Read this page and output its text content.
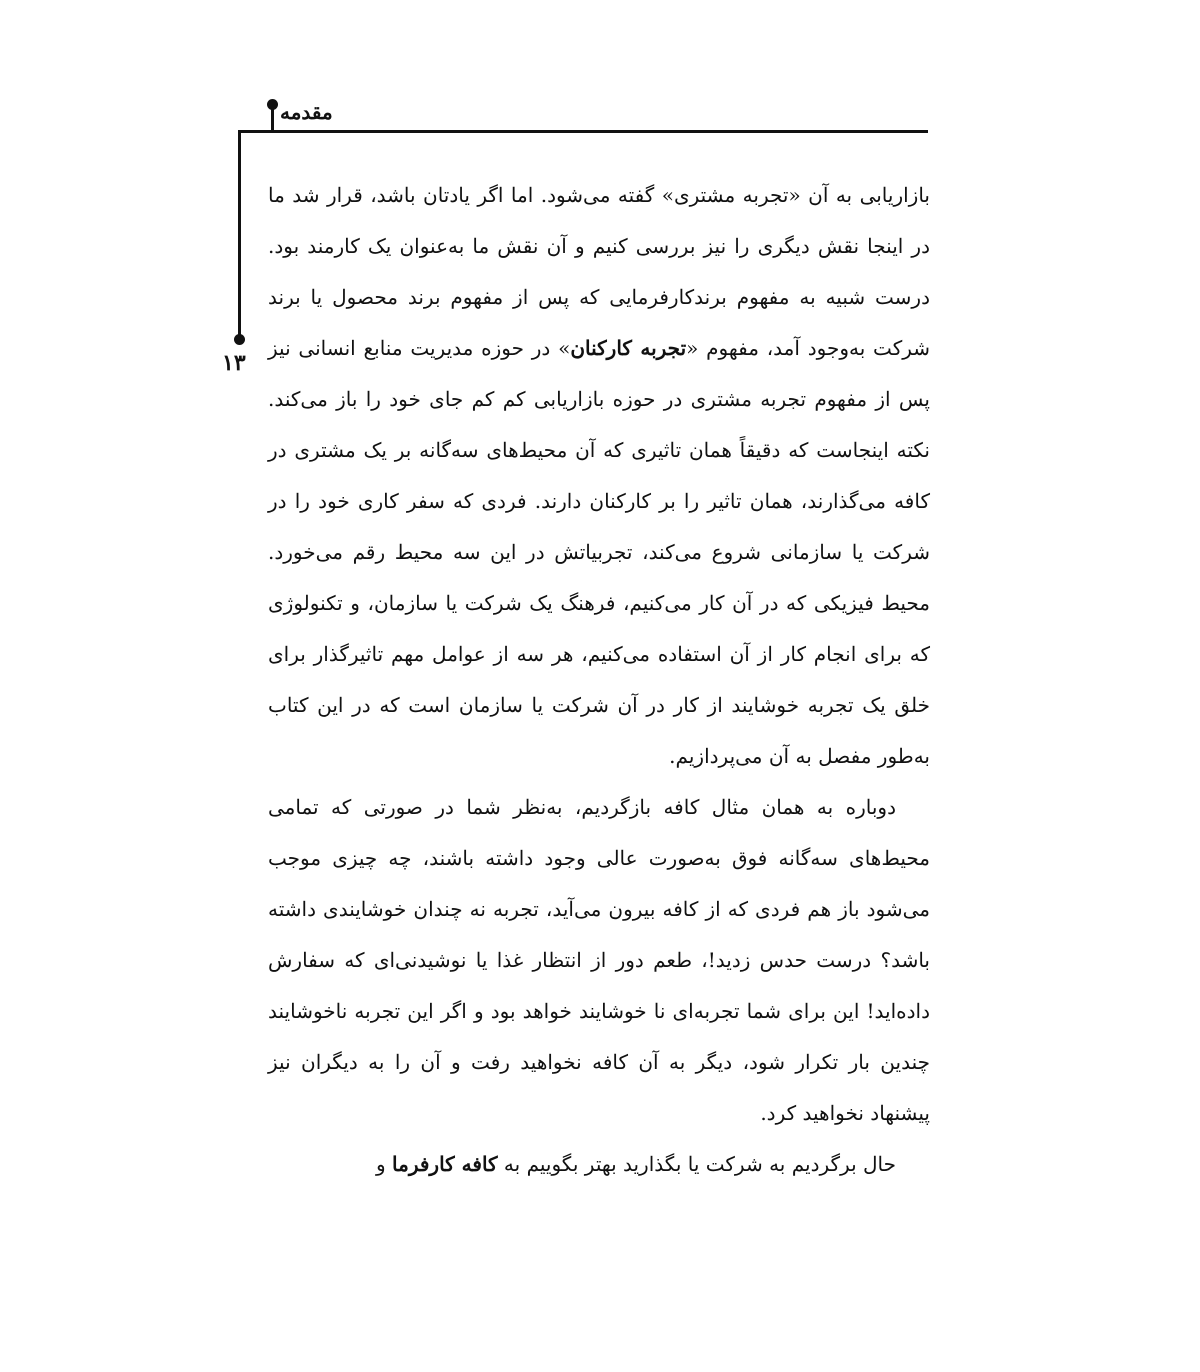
مقدمه
۱۳

بازاریابی به آن «تجربه مشتری» گفته می‌شود. اما اگر یادتان باشد، قرار شد ما در اینجا نقش دیگری را نیز بررسی کنیم و آن نقش ما به‌عنوان یک کارمند بود. درست شبیه به مفهوم برندکارفرمایی که پس از مفهوم برند محصول یا برند شرکت به‌وجود آمد، مفهوم «تجربه کارکنان» در حوزه مدیریت منابع انسانی نیز پس از مفهوم تجربه مشتری در حوزه بازاریابی کم کم جای خود را باز می‌کند. نکته اینجاست که دقیقاً همان تاثیری که آن محیط‌های سه‌گانه بر یک مشتری در کافه می‌گذارند، همان تاثیر را بر کارکنان دارند. فردی که سفر کاری خود را در شرکت یا سازمانی شروع می‌کند، تجربیاتش در این سه محیط رقم می‌خورد. محیط فیزیکی که در آن کار می‌کنیم، فرهنگ یک شرکت یا سازمان، و تکنولوژی که برای انجام کار از آن استفاده می‌کنیم، هر سه از عوامل مهم تاثیرگذار برای خلق یک تجربه خوشایند از کار در آن شرکت یا سازمان است که در این کتاب به‌طور مفصل به آن می‌پردازیم.

دوباره به همان مثال کافه بازگردیم، به‌نظر شما در صورتی که تمامی محیط‌های سه‌گانه فوق به‌صورت عالی وجود داشته باشند، چه چیزی موجب می‌شود باز هم فردی که از کافه بیرون می‌آید، تجربه نه چندان خوشایندی داشته باشد؟ درست حدس زدید!، طعم دور از انتظار غذا یا نوشیدنی‌ای که سفارش داده‌اید! این برای شما تجربه‌ای نا خوشایند خواهد بود و اگر این تجربه ناخوشایند چندین بار تکرار شود، دیگر به آن کافه نخواهید رفت و آن را به دیگران نیز پیشنهاد نخواهید کرد.

حال برگردیم به شرکت یا بگذارید بهتر بگوییم به کافه کارفرما و
